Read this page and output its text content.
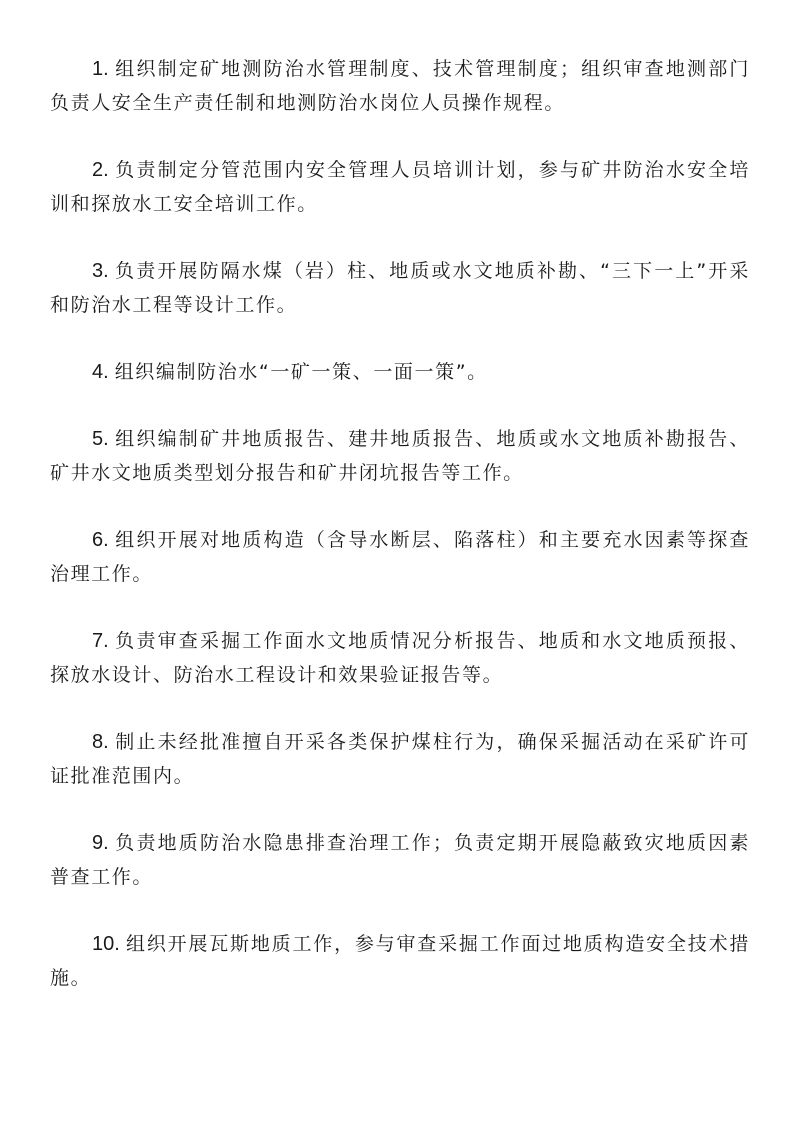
1. 组织制定矿地测防治水管理制度、技术管理制度；组织审查地测部门负责人安全生产责任制和地测防治水岗位人员操作规程。

2. 负责制定分管范围内安全管理人员培训计划，参与矿井防治水安全培训和探放水工安全培训工作。

3. 负责开展防隔水煤（岩）柱、地质或水文地质补勘、“三下一上”开采和防治水工程等设计工作。

4. 组织编制防治水“一矿一策、一面一策”。

5. 组织编制矿井地质报告、建井地质报告、地质或水文地质补勘报告、矿井水文地质类型划分报告和矿井闭坑报告等工作。

6. 组织开展对地质构造（含导水断层、陷落柱）和主要充水因素等探查治理工作。

7. 负责审查采掘工作面水文地质情况分析报告、地质和水文地质预报、探放水设计、防治水工程设计和效果验证报告等。

8. 制止未经批准擅自开采各类保护煤柱行为，确保采掘活动在采矿许可证批准范围内。

9. 负责地质防治水隐患排查治理工作；负责定期开展隐蔽致灾地质因素普查工作。

10. 组织开展瓦斯地质工作，参与审查采掘工作面过地质构造安全技术措施。
